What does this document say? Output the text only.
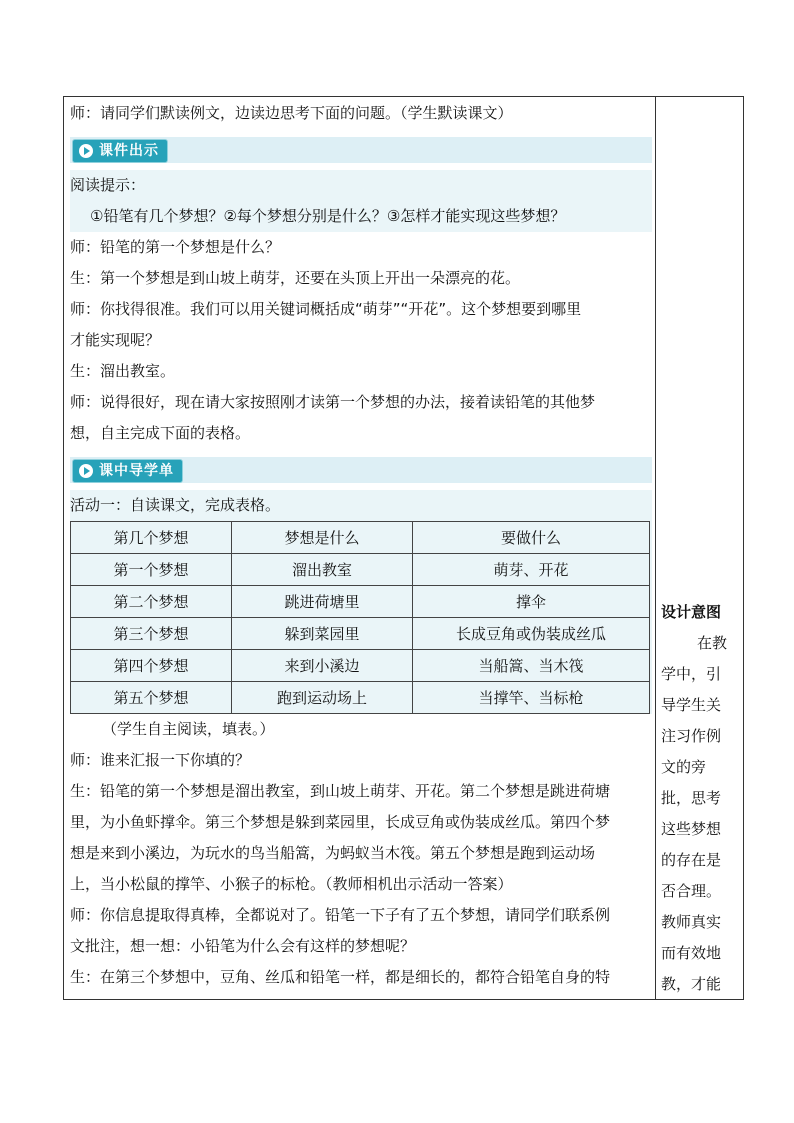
师：请同学们默读例文，边读边思考下面的问题。（学生默读课文）
课件出示
阅读提示：
①铅笔有几个梦想？②每个梦想分别是什么？③怎样才能实现这些梦想？
师：铅笔的第一个梦想是什么？
生：第一个梦想是到山坡上萌芽，还要在头顶上开出一朵漂亮的花。
师：你找得很准。我们可以用关键词概括成“萌芽”“开花”。这个梦想要到哪里
才能实现呢？
生：溜出教室。
师：说得很好，现在请大家按照刚才读第一个梦想的办法，接着读铅笔的其他梦
想，自主完成下面的表格。
课中导学单
活动一：自读课文，完成表格。
第几个梦想	梦想是什么	要做什么
第一个梦想	溜出教室	萌芽、开花
第二个梦想	跳进荷塘里	撑伞
第三个梦想	躲到菜园里	长成豆角或伪装成丝瓜
第四个梦想	来到小溪边	当船篙、当木筏
第五个梦想	跑到运动场上	当撑竿、当标枪
（学生自主阅读，填表。）
师：谁来汇报一下你填的？
生：铅笔的第一个梦想是溜出教室，到山坡上萌芽、开花。第二个梦想是跳进荷塘
里，为小鱼虾撑伞。第三个梦想是躲到菜园里，长成豆角或伪装成丝瓜。第四个梦
想是来到小溪边，为玩水的鸟当船篙，为蚂蚁当木筏。第五个梦想是跑到运动场
上，当小松鼠的撑竿、小猴子的标枪。（教师相机出示活动一答案）
师：你信息提取得真棒，全都说对了。铅笔一下子有了五个梦想，请同学们联系例
文批注，想一想：小铅笔为什么会有这样的梦想呢？
生：在第三个梦想中，豆角、丝瓜和铅笔一样，都是细长的，都符合铅笔自身的特
设计意图
在教
学中，引
导学生关
注习作例
文的旁
批，思考
这些梦想
的存在是
否合理。
教师真实
而有效地
教，才能
